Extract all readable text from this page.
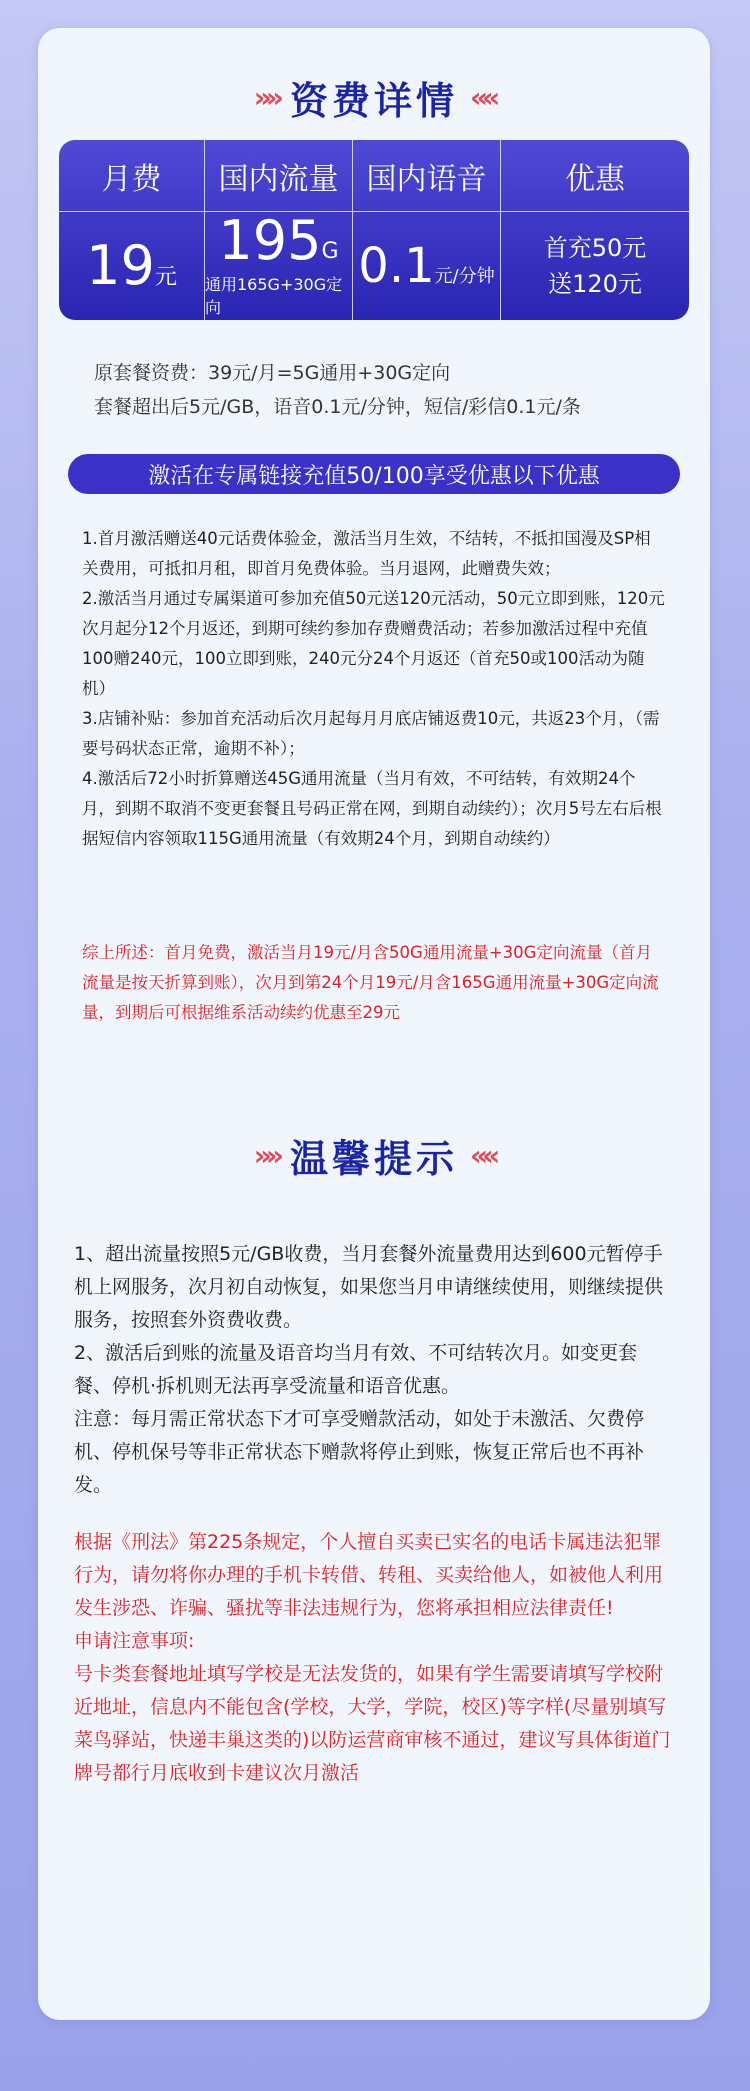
»» 资费详情 ««
月费	国内流量 国内语音	优惠
19 元
195 G
通用165G+30G定向
0.1 元/分钟
首充50元
送120元
原套餐资费：39元/月=5G通用+30G定向
套餐超出后5元/GB，语音0.1元/分钟，短信/彩信0.1元/条
激活在专属链接充值50/100享受优惠以下优惠

1.首月激活赠送40元话费体验金，激活当月生效，不结转，不抵扣国漫及SP相关费用，可抵扣月租，即首月免费体验。当月退网，此赠费失效；

2.激活当月通过专属渠道可参加充值50元送120元活动，50元立即到账，120元次月起分12个月返还，到期可续约参加存费赠费活动；若参加激活过程中充值100赠240元，100立即到账，240元分24个月返还（首充50或100活动为随机）

3.店铺补贴：参加首充活动后次月起每月月底店铺返费10元，共返23个月，（需要号码状态正常，逾期不补）；

4.激活后72小时折算赠送45G通用流量（当月有效，不可结转，有效期24个月，到期不取消不变更套餐且号码正常在网，到期自动续约）；次月5号左右后根据短信内容领取115G通用流量（有效期24个月，到期自动续约）

综上所述：首月免费，激活当月19元/月含50G通用流量+30G定向流量（首月流量是按天折算到账），次月到第24个月19元/月含165G通用流量+30G定向流量，到期后可根据维系活动续约优惠至29元
»» 温馨提示 ««

1、超出流量按照5元/GB收费，当月套餐外流量费用达到600元暂停手机上网服务，次月初自动恢复，如果您当月申请继续使用，则继续提供服务，按照套外资费收费。

2、激活后到账的流量及语音均当月有效、不可结转次月。如变更套餐、停机·拆机则无法再享受流量和语音优惠。

注意：每月需正常状态下才可享受赠款活动，如处于未激活、欠费停机、停机保号等非正常状态下赠款将停止到账，恢复正常后也不再补发。

根据《刑法》第225条规定，个人擅自买卖已实名的电话卡属违法犯罪行为，请勿将你办理的手机卡转借、转租、买卖给他人，如被他人利用发生涉恐、诈骗、骚扰等非法违规行为，您将承担相应法律责任!

申请注意事项:

号卡类套餐地址填写学校是无法发货的，如果有学生需要请填写学校附近地址，信息内不能包含(学校，大学，学院，校区)等字样(尽量别填写菜鸟驿站，快递丰巢这类的)以防运营商审核不通过，建议写具体街道门牌号都行月底收到卡建议次月激活
